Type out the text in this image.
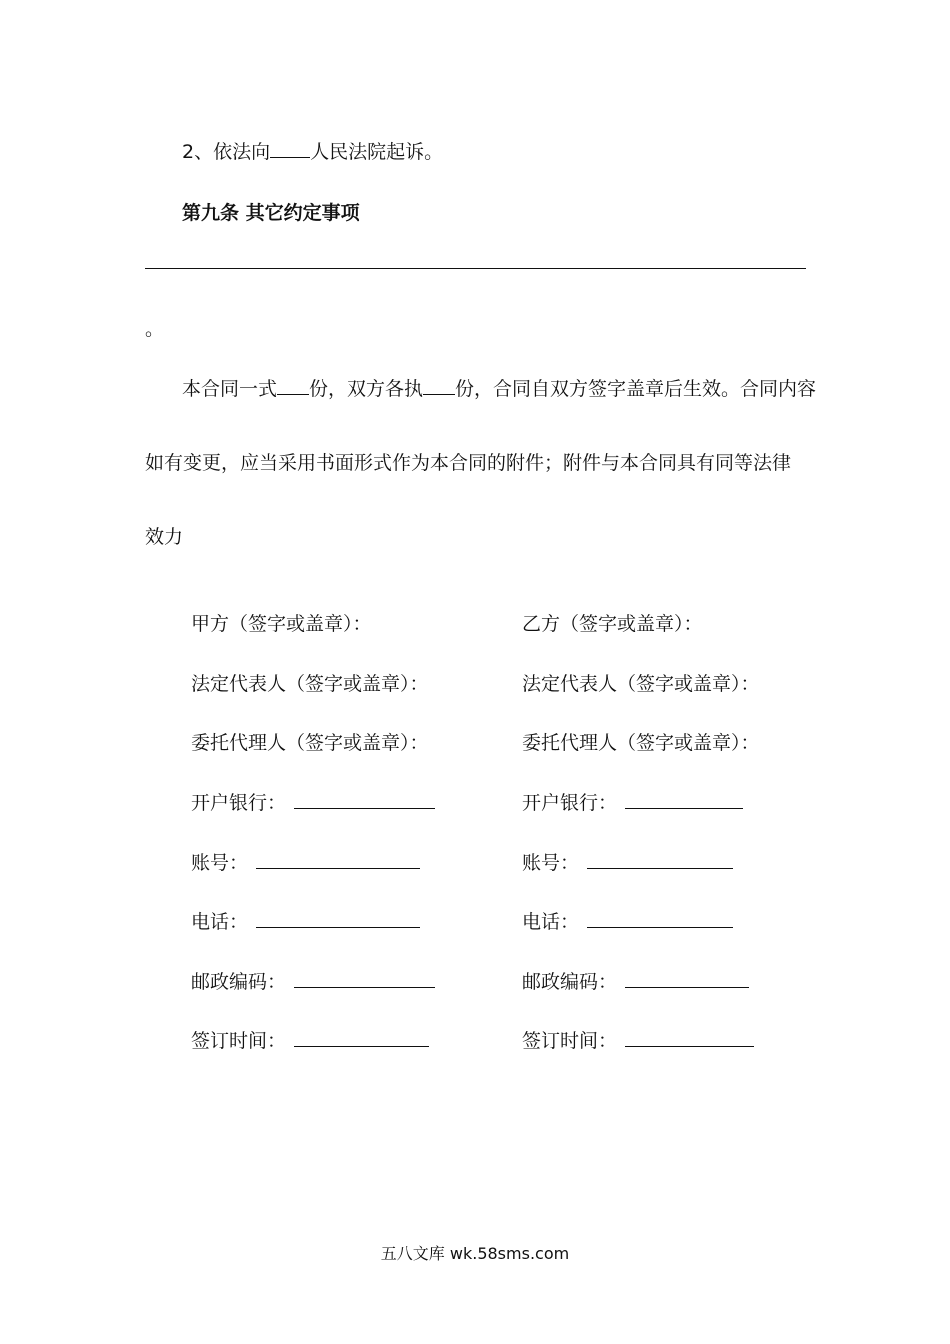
2、依法向 人民法院起诉。
第九条 其它约定事项
。
本合同一式 份，双方各执 份，合同自双方签字盖章后生效。合同内容
如有变更，应当采用书面形式作为本合同的附件；附件与本合同具有同等法律
效力
甲方（签字或盖章）：
法定代表人（签字或盖章）：
委托代理人（签字或盖章）：
开户银行：
账号：
电话：
邮政编码：
签订时间：
乙方（签字或盖章）：
法定代表人（签字或盖章）：
委托代理人（签字或盖章）：
开户银行：
账号：
电话：
邮政编码：
签订时间：
五八文库 wk.58sms.com
